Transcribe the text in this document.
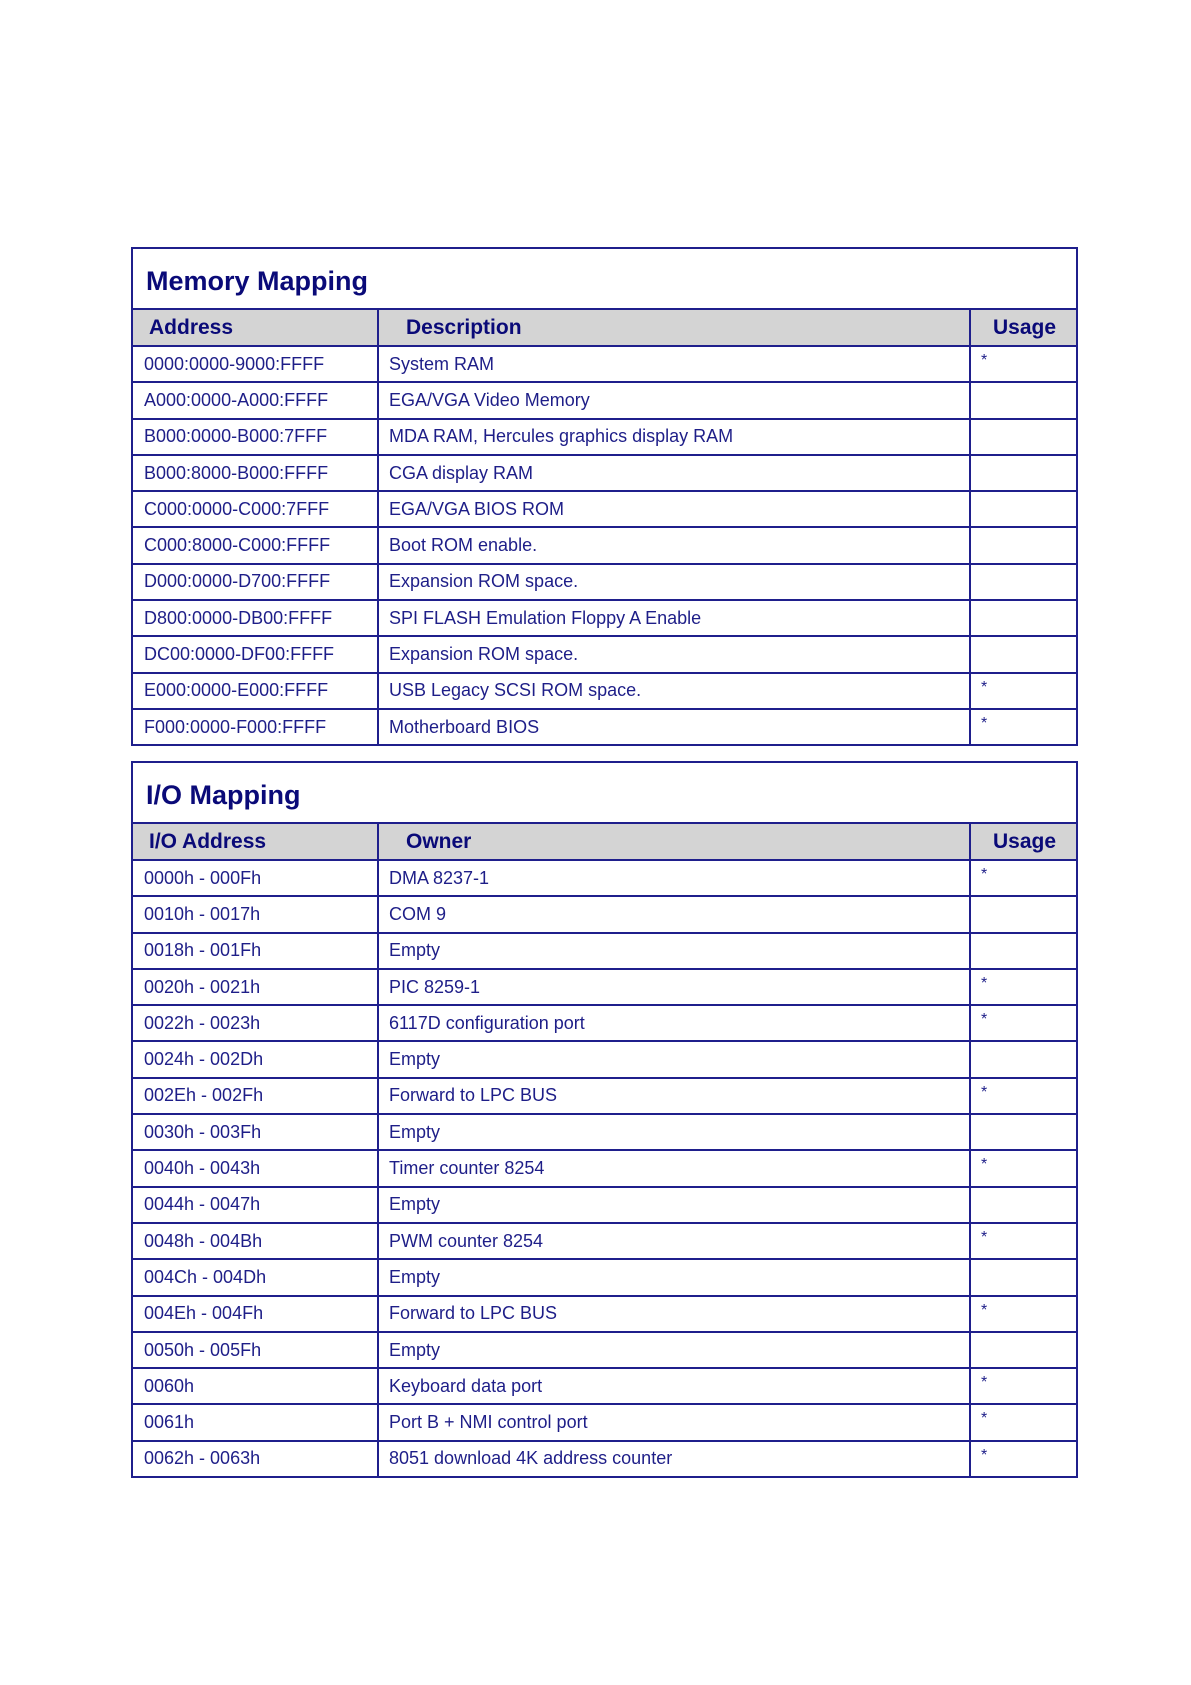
Memory Mapping		
Address	Description	Usage
0000:0000-9000:FFFF	System RAM	*
A000:0000-A000:FFFF	EGA/VGA Video Memory	
B000:0000-B000:7FFF	MDA RAM, Hercules graphics display RAM	
B000:8000-B000:FFFF	CGA display RAM	
C000:0000-C000:7FFF	EGA/VGA BIOS ROM	
C000:8000-C000:FFFF	Boot ROM enable.	
D000:0000-D700:FFFF	Expansion ROM space.	
D800:0000-DB00:FFFF	SPI FLASH Emulation Floppy A Enable	
DC00:0000-DF00:FFFF	Expansion ROM space.	
E000:0000-E000:FFFF	USB Legacy SCSI ROM space.	*
F000:0000-F000:FFFF	Motherboard BIOS	*
I/O Mapping		
I/O Address	Owner	Usage
0000h - 000Fh	DMA 8237-1	*
0010h - 0017h	COM 9	
0018h - 001Fh	Empty	
0020h - 0021h	PIC 8259-1	*
0022h - 0023h	6117D configuration port	*
0024h - 002Dh	Empty	
002Eh - 002Fh	Forward to LPC BUS	*
0030h - 003Fh	Empty	
0040h - 0043h	Timer counter 8254	*
0044h - 0047h	Empty	
0048h - 004Bh	PWM counter 8254	*
004Ch - 004Dh	Empty	
004Eh - 004Fh	Forward to LPC BUS	*
0050h - 005Fh	Empty	
0060h	Keyboard data port	*
0061h	Port B + NMI control port	*
0062h - 0063h	8051 download 4K address counter	*
